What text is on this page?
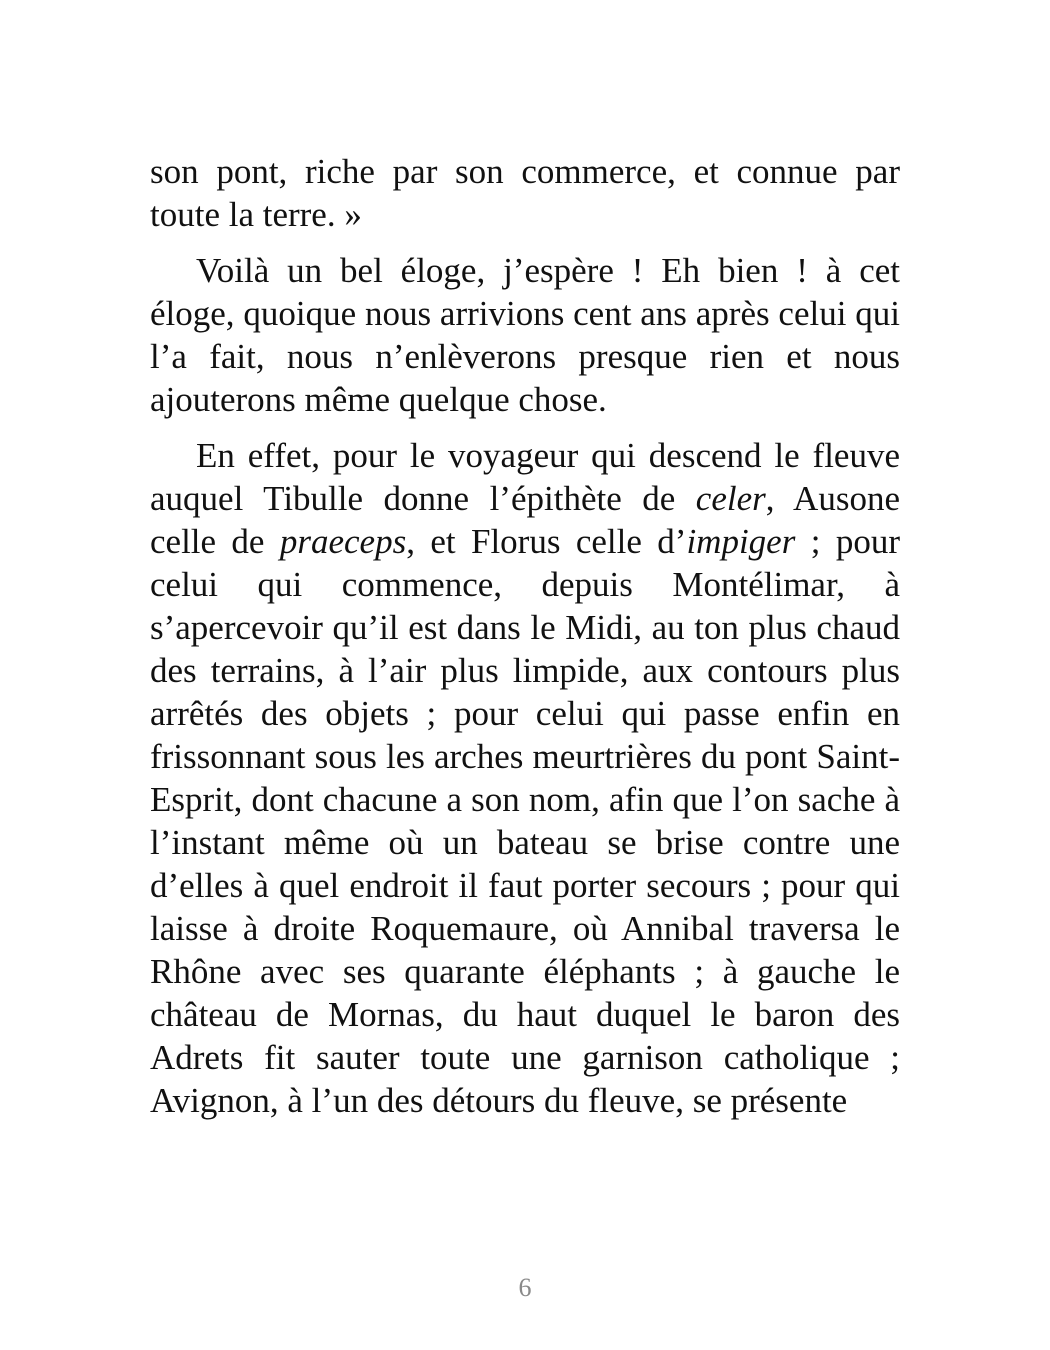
son pont, riche par son commerce, et connue par toute la terre. »

Voilà un bel éloge, j’espère ! Eh bien ! à cet éloge, quoique nous arrivions cent ans après celui qui l’a fait, nous n’enlèverons presque rien et nous ajouterons même quelque chose.

En effet, pour le voyageur qui descend le fleuve auquel Tibulle donne l’épithète de celer, Ausone celle de praeceps, et Florus celle d’impiger ; pour celui qui commence, depuis Montélimar, à s’apercevoir qu’il est dans le Midi, au ton plus chaud des terrains, à l’air plus limpide, aux contours plus arrêtés des objets ; pour celui qui passe enfin en frissonnant sous les arches meurtrières du pont Saint-Esprit, dont chacune a son nom, afin que l’on sache à l’instant même où un bateau se brise contre une d’elles à quel endroit il faut porter secours ; pour qui laisse à droite Roquemaure, où Annibal traversa le Rhône avec ses quarante éléphants ; à gauche le château de Mornas, du haut duquel le baron des Adrets fit sauter toute une garnison catholique ; Avignon, à l’un des détours du fleuve, se présente

6
